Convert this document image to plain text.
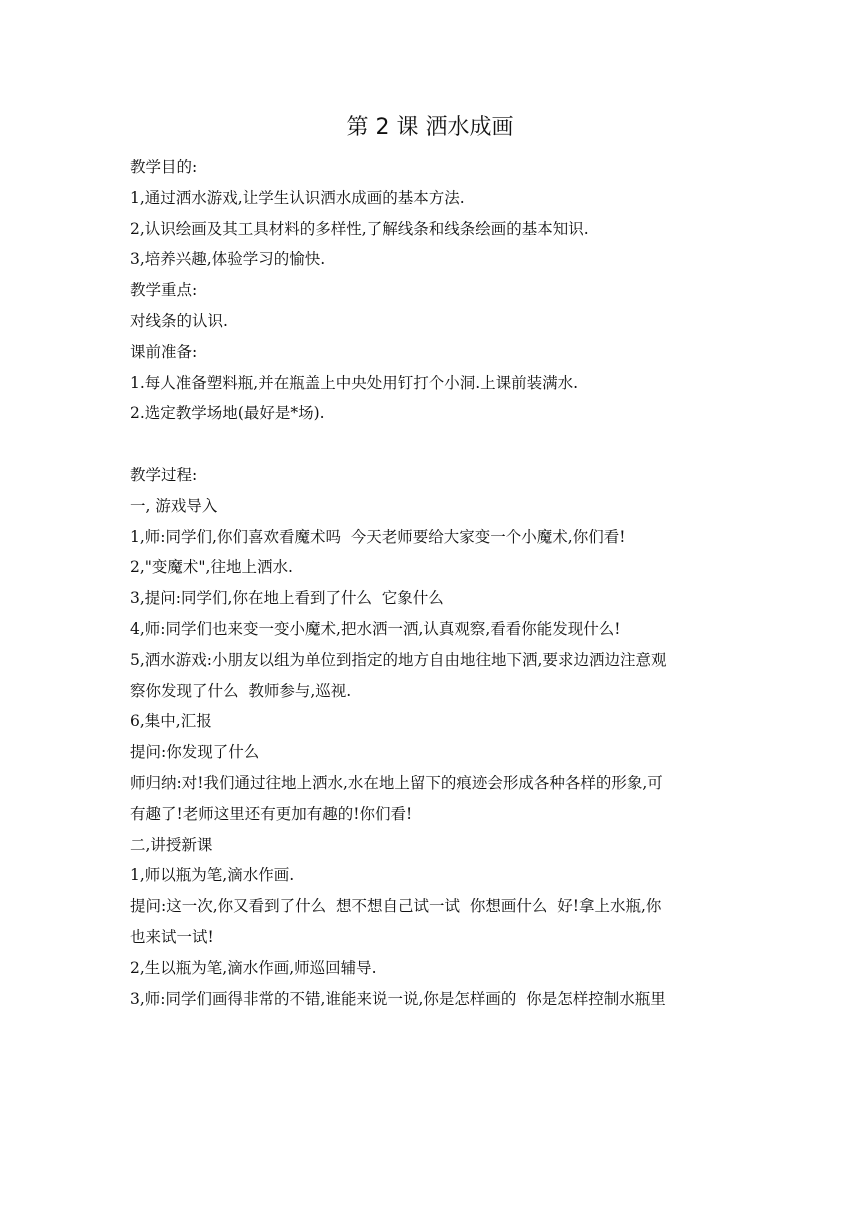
第 2 课 洒水成画
教学目的:
1,通过洒水游戏,让学生认识洒水成画的基本方法.
2,认识绘画及其工具材料的多样性,了解线条和线条绘画的基本知识.
3,培养兴趣,体验学习的愉快.
教学重点:
对线条的认识.
课前准备:
1.每人准备塑料瓶,并在瓶盖上中央处用钉打个小洞.上课前装满水.
2.选定教学场地(最好是*场).
教学过程:
一, 游戏导入
1,师:同学们,你们喜欢看魔术吗  今天老师要给大家变一个小魔术,你们看!
2,"变魔术",往地上洒水.
3,提问:同学们,你在地上看到了什么  它象什么
4,师:同学们也来变一变小魔术,把水洒一洒,认真观察,看看你能发现什么!
5,洒水游戏:小朋友以组为单位到指定的地方自由地往地下洒,要求边洒边注意观
察你发现了什么  教师参与,巡视.
6,集中,汇报
提问:你发现了什么
师归纳:对!我们通过往地上洒水,水在地上留下的痕迹会形成各种各样的形象,可
有趣了!老师这里还有更加有趣的!你们看!
二,讲授新课
1,师以瓶为笔,滴水作画.
提问:这一次,你又看到了什么  想不想自己试一试  你想画什么  好!拿上水瓶,你
也来试一试!
2,生以瓶为笔,滴水作画,师巡回辅导.
3,师:同学们画得非常的不错,谁能来说一说,你是怎样画的  你是怎样控制水瓶里
